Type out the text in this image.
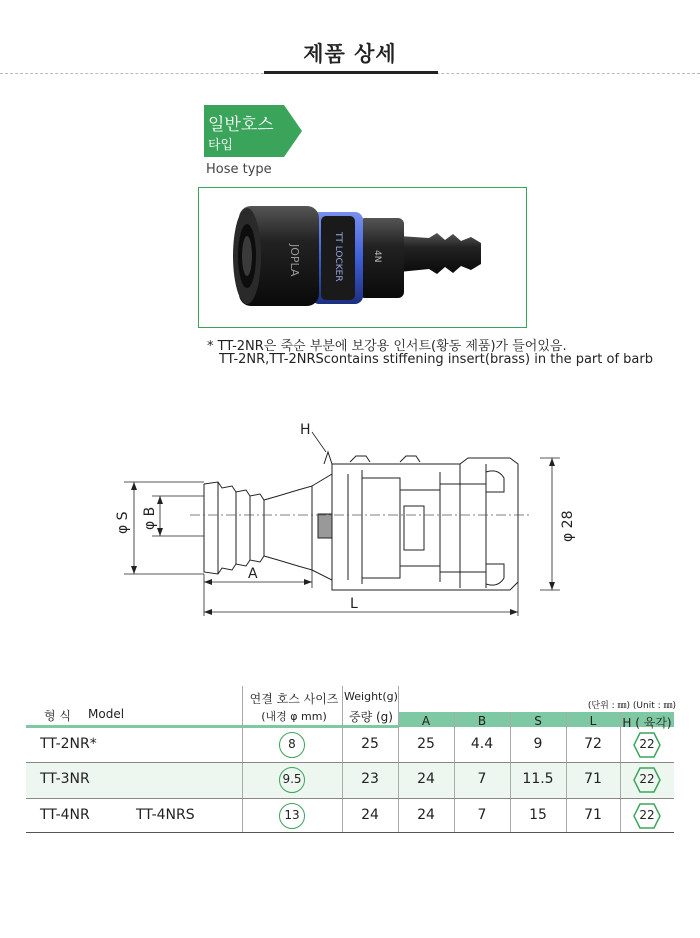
제품 상세
일반호스
타입
Hose type
JOPLA	TT LOCKER	4N
* TT-2NR은 죽순 부분에 보강용 인서트(황동 제품)가 들어있음.
TT-2NR,TT-2NRScontains stiffening insert(brass) in the part of barb
H
φ S φ B	φ 28
A
L
형 식 Model
연결 호스 사이즈
(내경 φ mm)
Weight(g)
중량 (g)
(단위 : ㎜) (Unit : ㎜)
A	B	S	L	H ( 육각)
TT-2NR*	8	25	25	4.4	9	72	22
TT-3NR	9.5	23	24	7	11.5	71	22
TT-4NR	TT-4NRS	13	24	24	7	15	71	22
